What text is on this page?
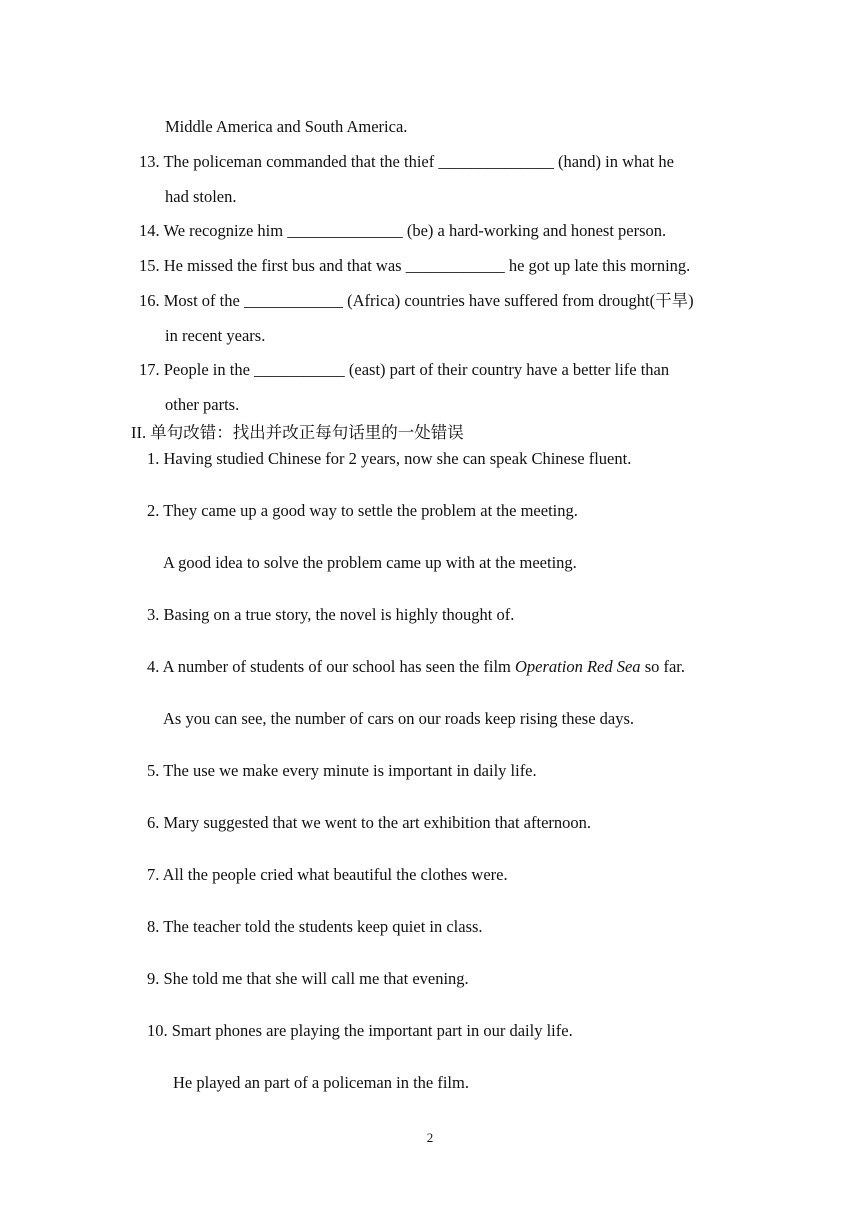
Middle America and South America.
13. The policeman commanded that the thief ______________ (hand) in what he
had stolen.
14. We recognize him ______________ (be) a hard-working and honest person.
15. He missed the first bus and that was ____________ he got up late this morning.
16. Most of the ____________ (Africa) countries have suffered from drought(干旱)
in recent years.
17. People in the ___________ (east) part of their country have a better life than
other parts.
II. 单句改错：找出并改正每句话里的一处错误
1. Having studied Chinese for 2 years, now she can speak Chinese fluent.
2. They came up a good way to settle the problem at the meeting.
A good idea to solve the problem came up with at the meeting.
3. Basing on a true story, the novel is highly thought of.
4. A number of students of our school has seen the film Operation Red Sea so far.
As you can see, the number of cars on our roads keep rising these days.
5. The use we make every minute is important in daily life.
6. Mary suggested that we went to the art exhibition that afternoon.
7. All the people cried what beautiful the clothes were.
8. The teacher told the students keep quiet in class.
9. She told me that she will call me that evening.
10. Smart phones are playing the important part in our daily life.
He played an part of a policeman in the film.
2
